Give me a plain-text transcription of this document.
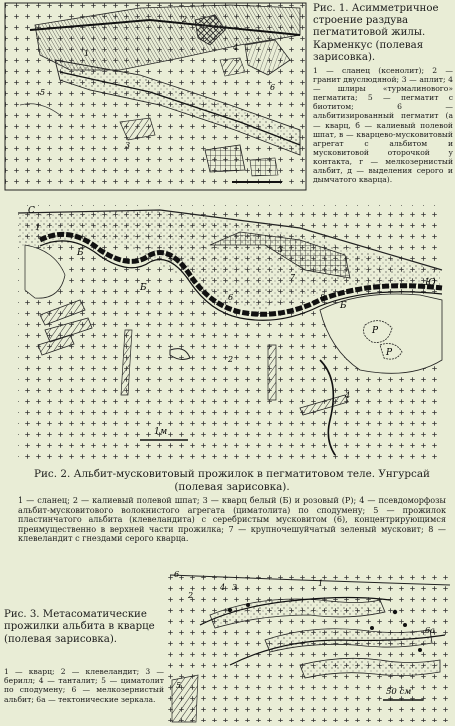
1
2
3
4
5
6
1м
С
Ю
Б
Б
Б
Р
Р
1
2
3
4
5
6
7
8
50 см
6
2
4 3	1
6a
5
Рис. 1. Асимметричное строение раздува пегматитовой жилы. Карменкус (полевая зарисовка).
1 — сланец (ксенолит); 2 — гранит двуслюдяной; 3 — аплит; 4 — шлиры «турмалинового» пегматита; 5 — пегматит с биотитом; 6 — альбитизированный пегматит (а — кварц, б — калиевый полевой шпат, в — кварцево-мусковитовый агрегат с альбитом и мусковитовой оторочкой у контакта, г — мелкозернистый альбит, д — выделения серого и дымчатого кварца).
Рис. 2. Альбит-мусковитовый прожилок в пегматитовом теле. Унгурсай (полевая зарисовка).
1 — сланец; 2 — калиевый полевой шпат; 3 — кварц белый (Б) и розовый (Р); 4 — псевдоморфозы альбит-мусковитового волокнистого агрегата (циматолита) по сподумену; 5 — прожилок пластинчатого альбита (клевеландита) с серебристым мусковитом (6), концентрирующимся преимущественно в верхней части прожилка; 7 — крупночешуйчатый зеленый мусковит; 8 — клевеландит с гнездами серого кварца.
Рис. 3. Метасоматические прожилки альбита в кварце (полевая зарисовка).
1 — кварц; 2 — клевеландит; 3 — берилл; 4 — танталит; 5 — циматолит по сподумену; 6 — мелкозернистый альбит; 6а — тектонические зеркала.
